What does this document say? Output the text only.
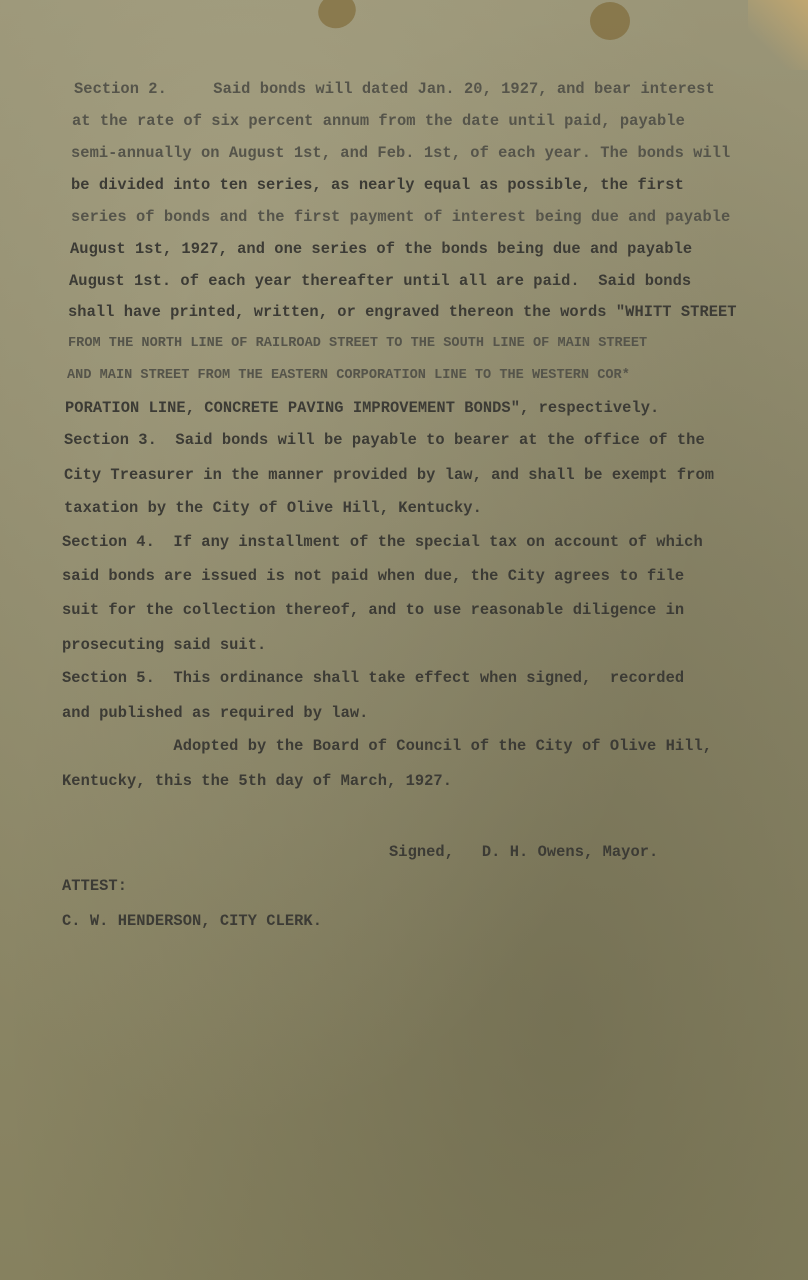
Section 2.     Said bonds will dated Jan. 20, 1927, and bear interest
at the rate of six percent annum from the date until paid, payable
semi-annually on August 1st, and Feb. 1st, of each year. The bonds will
be divided into ten series, as nearly equal as possible, the first
series of bonds and the first payment of interest being due and payable
August 1st, 1927, and one series of the bonds being due and payable
August 1st. of each year thereafter until all are paid.  Said bonds
shall have printed, written, or engraved thereon the words "WHITT STREET
FROM THE NORTH LINE OF RAILROAD STREET TO THE SOUTH LINE OF MAIN STREET
AND MAIN STREET FROM THE EASTERN CORPORATION LINE TO THE WESTERN COR*
PORATION LINE, CONCRETE PAVING IMPROVEMENT BONDS", respectively.
Section 3.  Said bonds will be payable to bearer at the office of the
City Treasurer in the manner provided by law, and shall be exempt from
taxation by the City of Olive Hill, Kentucky.
Section 4.  If any installment of the special tax on account of which
said bonds are issued is not paid when due, the City agrees to file
suit for the collection thereof, and to use reasonable diligence in
prosecuting said suit.
Section 5.  This ordinance shall take effect when signed,  recorded
and published as required by law.
Adopted by the Board of Council of the City of Olive Hill,
Kentucky, this the 5th day of March, 1927.
Signed,   D. H. Owens, Mayor.
ATTEST:
C. W. HENDERSON, CITY CLERK.
